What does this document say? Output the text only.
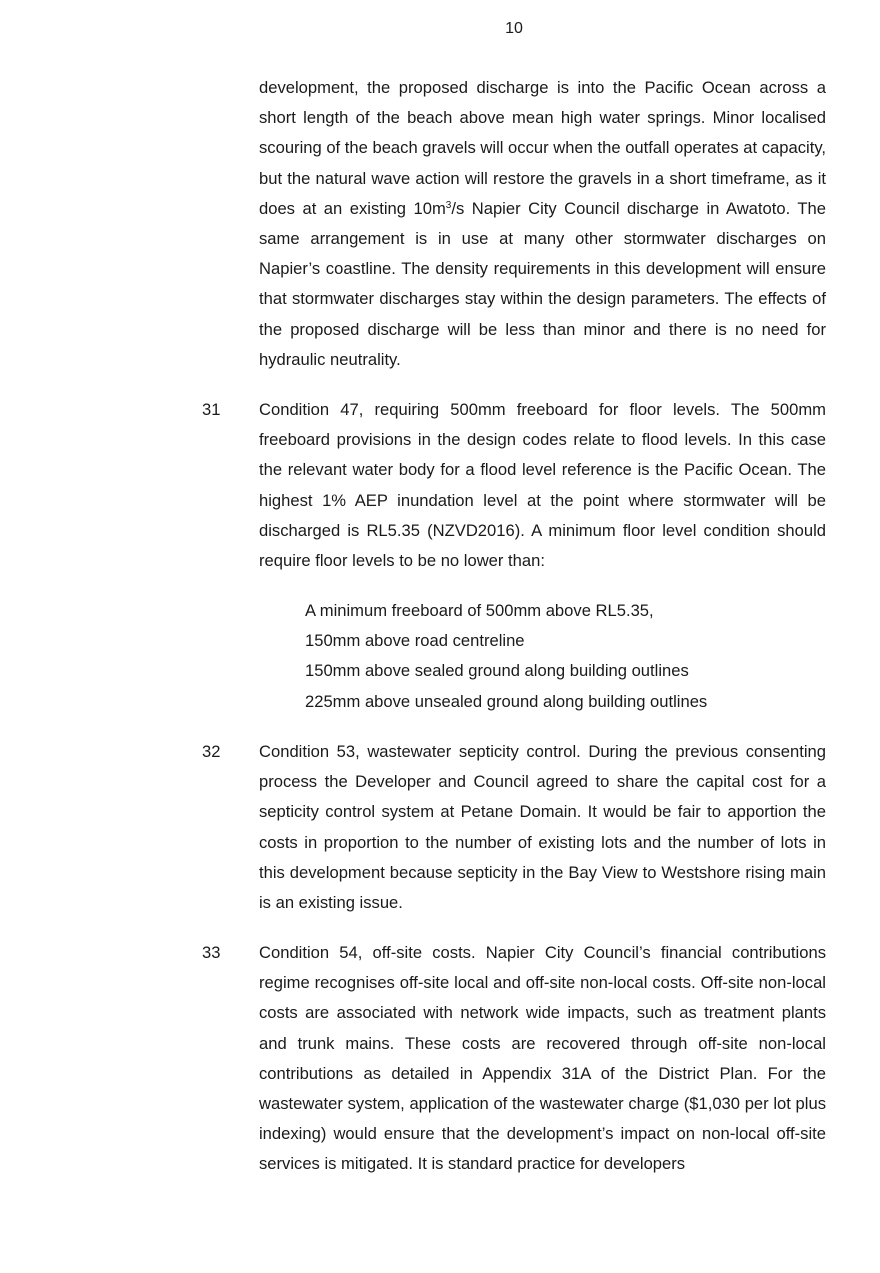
10

development, the proposed discharge is into the Pacific Ocean across a short length of the beach above mean high water springs. Minor localised scouring of the beach gravels will occur when the outfall operates at capacity, but the natural wave action will restore the gravels in a short timeframe, as it does at an existing $10m^3/s$ Napier City Council discharge in Awatoto. The same arrangement is in use at many other stormwater discharges on Napier’s coastline. The density requirements in this development will ensure that stormwater discharges stay within the design parameters. The effects of the proposed discharge will be less than minor and there is no need for hydraulic neutrality.

31 Condition 47, requiring 500mm freeboard for floor levels. The 500mm freeboard provisions in the design codes relate to flood levels. In this case the relevant water body for a flood level reference is the Pacific Ocean. The highest 1% AEP inundation level at the point where stormwater will be discharged is RL5.35 (NZVD2016). A minimum floor level condition should require floor levels to be no lower than:

A minimum freeboard of 500mm above RL5.35,
150mm above road centreline
150mm above sealed ground along building outlines
225mm above unsealed ground along building outlines
32 Condition 53, wastewater septicity control. During the previous consenting process the Developer and Council agreed to share the capital cost for a septicity control system at Petane Domain. It would be fair to apportion the costs in proportion to the number of existing lots and the number of lots in this development because septicity in the Bay View to Westshore rising main is an existing issue.

33 Condition 54, off-site costs. Napier City Council’s financial contributions regime recognises off-site local and off-site non-local costs. Off-site non-local costs are associated with network wide impacts, such as treatment plants and trunk mains. These costs are recovered through off-site non-local contributions as detailed in Appendix 31A of the District Plan. For the wastewater system, application of the wastewater charge ($1,030 per lot plus indexing) would ensure that the development’s impact on non-local off-site services is mitigated. It is standard practice for developers
